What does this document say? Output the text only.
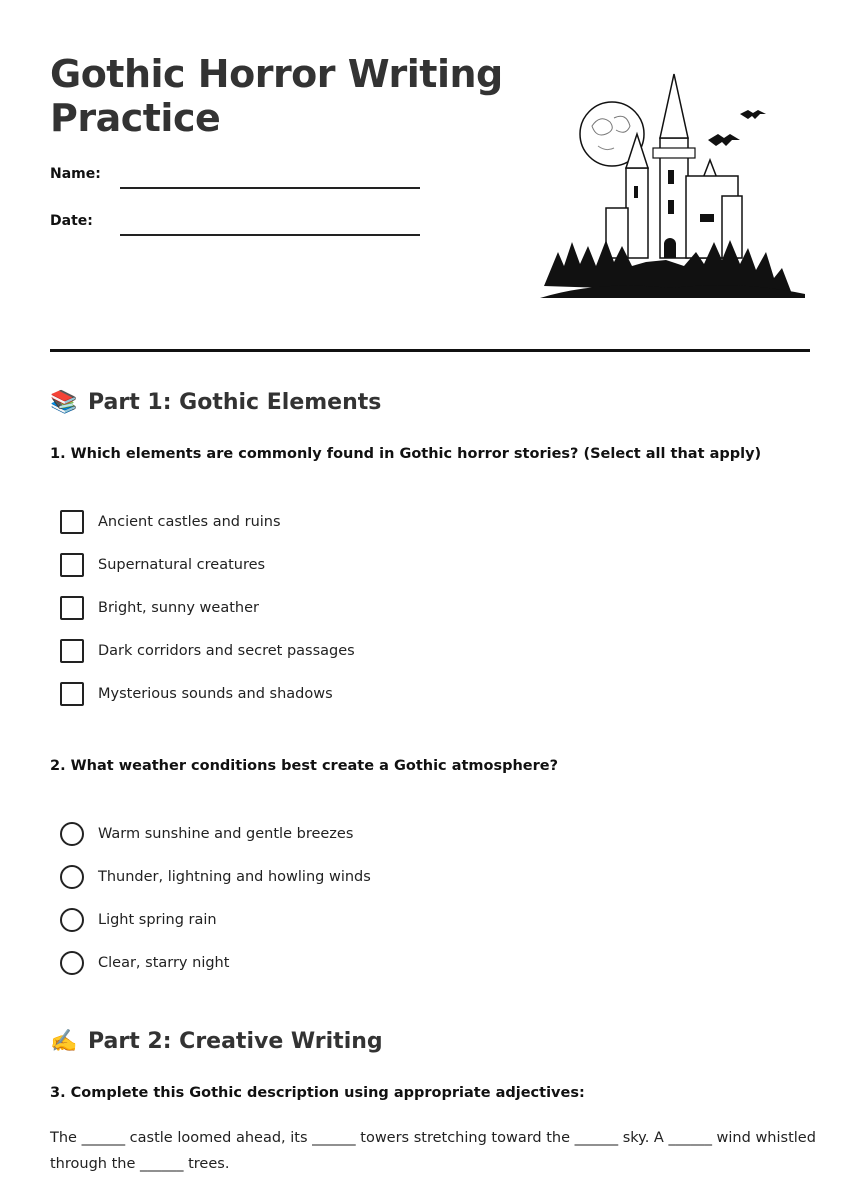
Gothic Horror Writing Practice
Name:
Date:
📚 Part 1: Gothic Elements
1. Which elements are commonly found in Gothic horror stories? (Select all that apply)
Ancient castles and ruins
Supernatural creatures
Bright, sunny weather
Dark corridors and secret passages
Mysterious sounds and shadows
2. What weather conditions best create a Gothic atmosphere?
Warm sunshine and gentle breezes
Thunder, lightning and howling winds
Light spring rain
Clear, starry night
✍️ Part 2: Creative Writing
3. Complete this Gothic description using appropriate adjectives:
The ______ castle loomed ahead, its ______ towers stretching toward the ______ sky. A ______ wind whistled through the ______ trees.
